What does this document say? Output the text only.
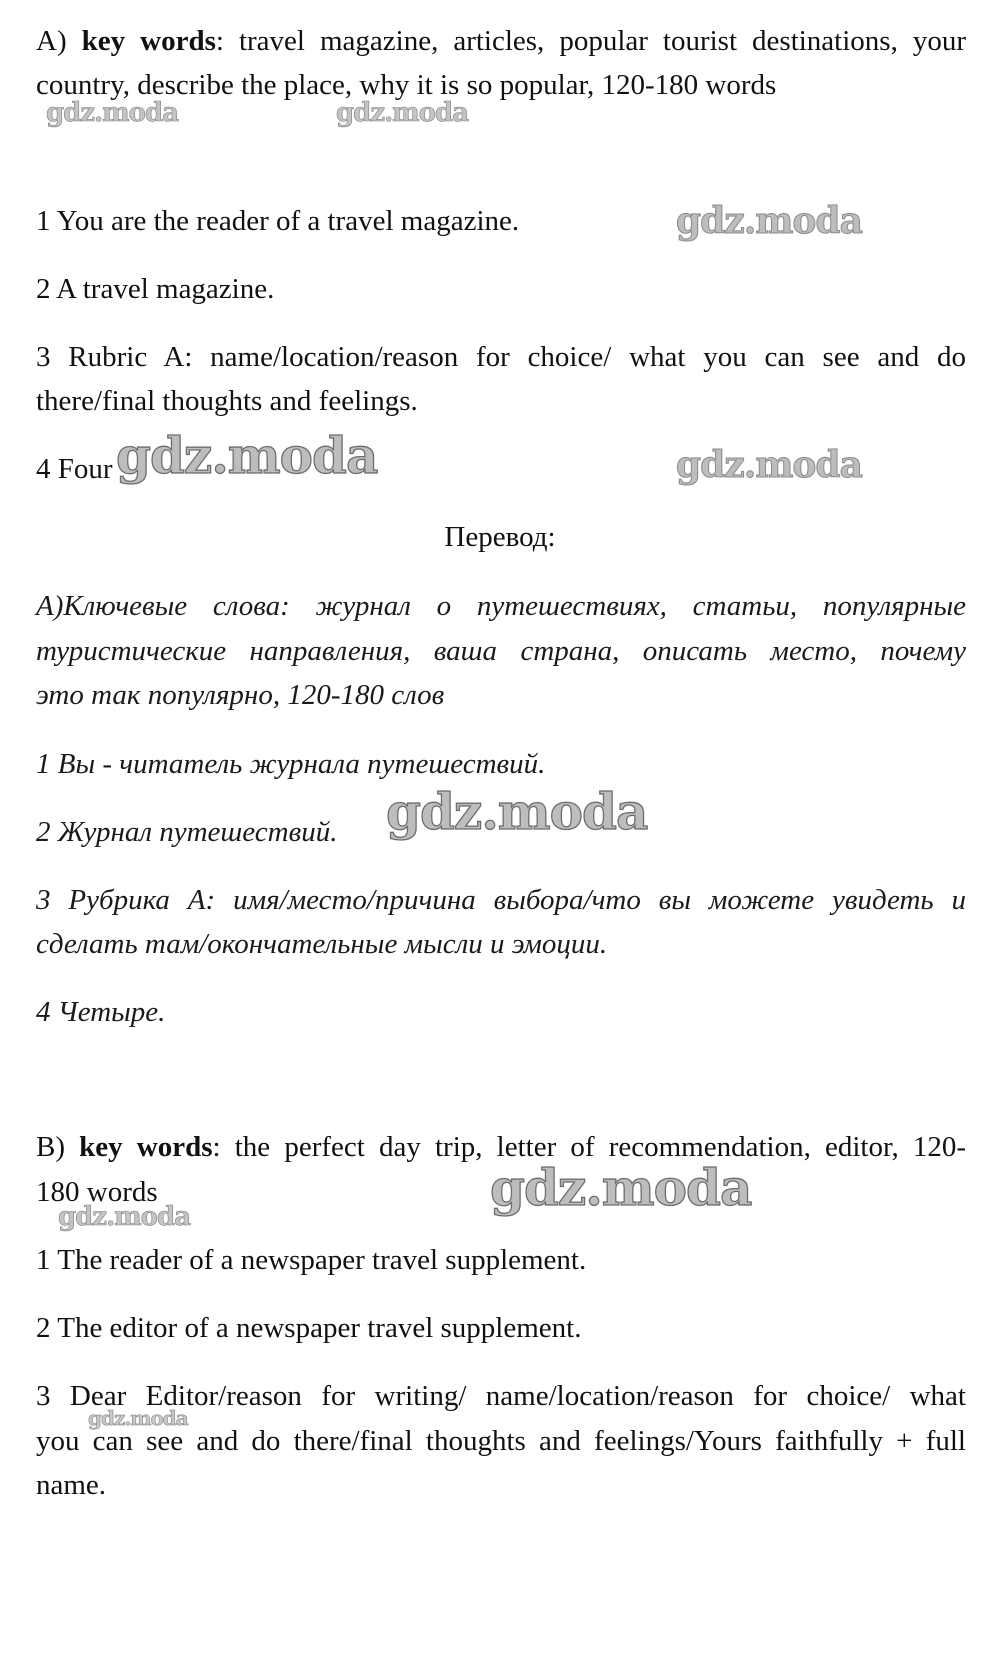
A) key words: travel magazine, articles, popular tourist destinations, your

country, describe the place, why it is so popular, 120-180 words

1 You are the reader of a travel magazine.

2 A travel magazine.

3 Rubric A: name/location/reason for choice/ what you can see and do

there/final thoughts and feelings.

4 Four

Перевод:

А)Ключевые слова: журнал о путешествиях, статьи, популярные

туристические направления, ваша страна, описать место, почему

это так популярно, 120-180 слов

1 Вы - читатель журнала путешествий.

2 Журнал путешествий.

3 Рубрика А: имя/место/причина выбора/что вы можете увидеть и

сделать там/окончательные мысли и эмоции.

4 Четыре.

B) key words: the perfect day trip, letter of recommendation, editor, 120-

180 words

1 The reader of a newspaper travel supplement.

2 The editor of a newspaper travel supplement.

3 Dear Editor/reason for writing/ name/location/reason for choice/ what

you can see and do there/final thoughts and feelings/Yours faithfully + full

name.

gdz.moda	gdz.moda
gdz.moda
gdz.moda	gdz.moda
gdz.moda
gdz.moda
gdz.moda
gdz.moda
